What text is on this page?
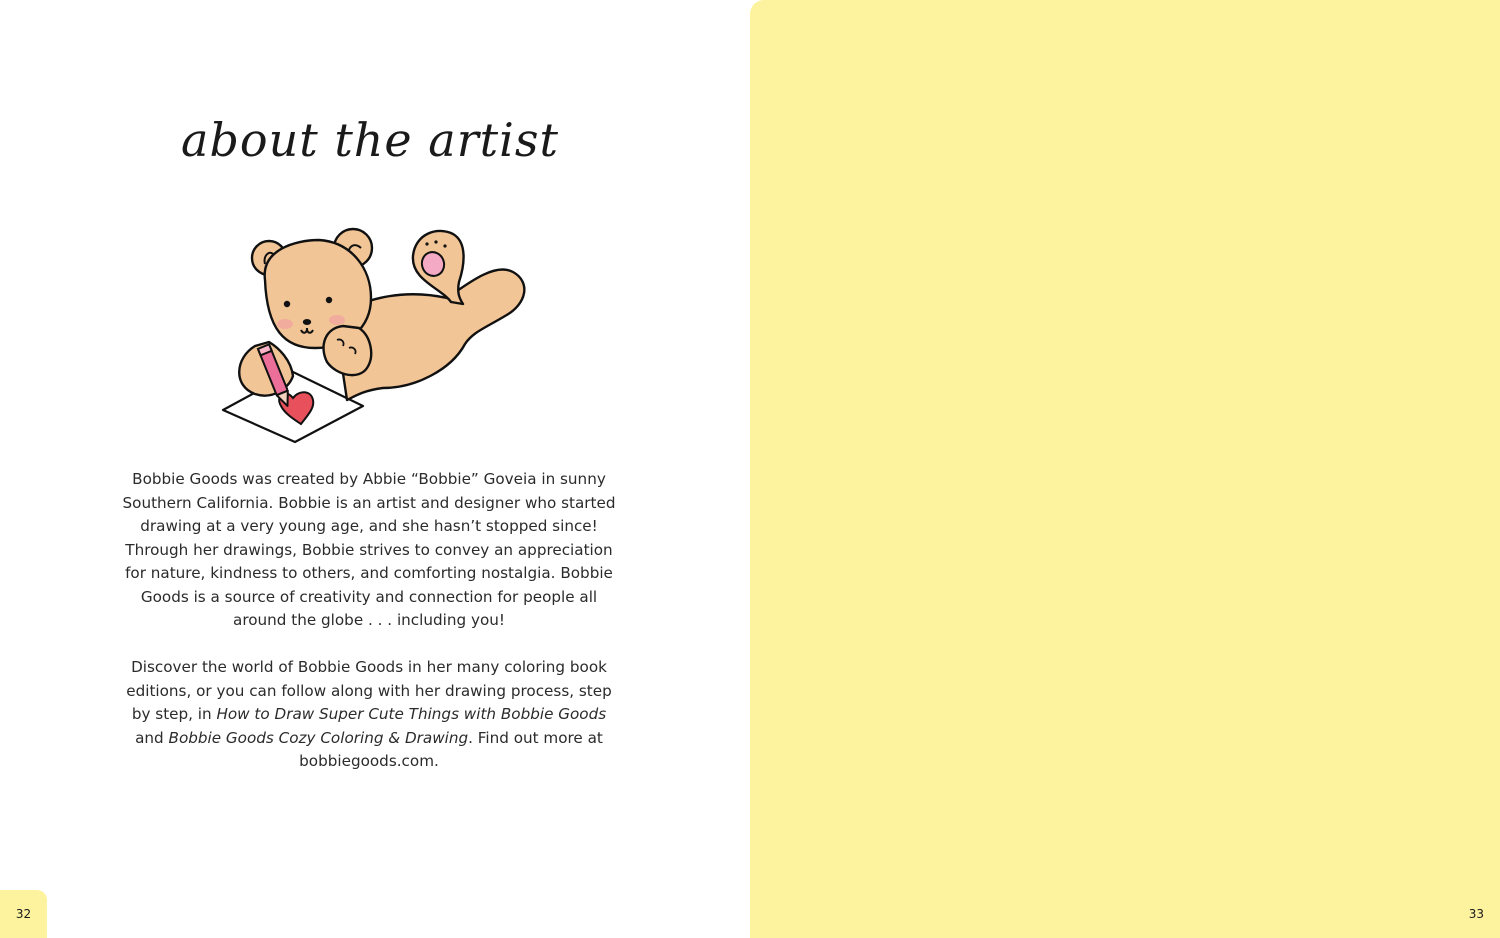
about the artist

Bobbie Goods was created by Abbie “Bobbie” Goveia in sunny Southern California. Bobbie is an artist and designer who started drawing at a very young age, and she hasn’t stopped since! Through her drawings, Bobbie strives to convey an appreciation for nature, kindness to others, and comforting nostalgia. Bobbie Goods is a source of creativity and connection for people all around the globe . . . including you!

Discover the world of Bobbie Goods in her many coloring book editions, or you can follow along with her drawing process, step by step, in How to Draw Super Cute Things with Bobbie Goods and Bobbie Goods Cozy Coloring & Drawing. Find out more at bobbiegoods.com.

32	33
